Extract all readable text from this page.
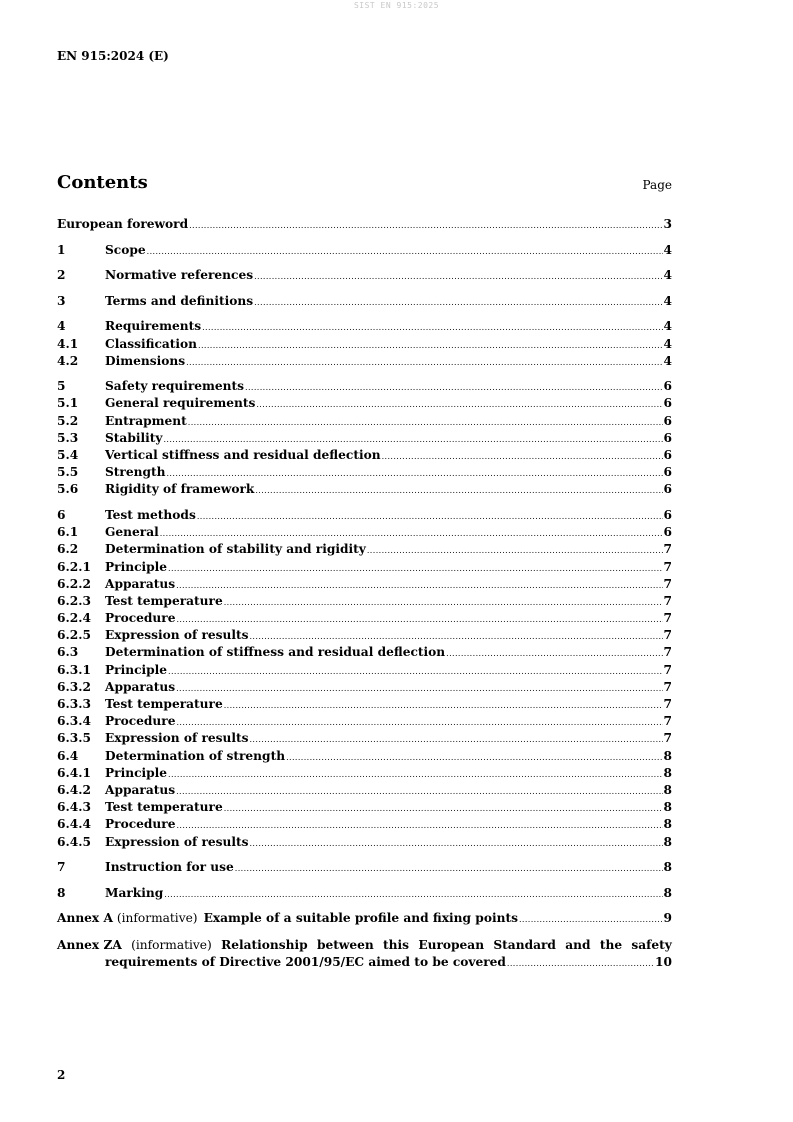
SIST EN 915:2025
EN 915:2024 (E)
Contents	Page
European foreword .....	3
1	Scope .....	4
2	Normative references .....	4
3	Terms and definitions .....	4
4	Requirements .....	4
4.1	Classification .....	4
4.2	Dimensions .....	4
5	Safety requirements .....	6
5.1	General requirements .....	6
5.2	Entrapment .....	6
5.3	Stability .....	6
5.4	Vertical stiffness and residual deflection .....	6
5.5	Strength .....	6
5.6	Rigidity of framework .....	6
6	Test methods .....	6
6.1	General .....	6
6.2	Determination of stability and rigidity .....	7
6.2.1	Principle .....	7
6.2.2	Apparatus .....	7
6.2.3	Test temperature .....	7
6.2.4	Procedure .....	7
6.2.5	Expression of results .....	7
6.3	Determination of stiffness and residual deflection .....	7
6.3.1	Principle .....	7
6.3.2	Apparatus .....	7
6.3.3	Test temperature .....	7
6.3.4	Procedure .....	7
6.3.5	Expression of results .....	7
6.4	Determination of strength .....	8
6.4.1	Principle .....	8
6.4.2	Apparatus .....	8
6.4.3	Test temperature .....	8
6.4.4	Procedure .....	8
6.4.5	Expression of results .....	8
7	Instruction for use .....	8
8	Marking .....	8
Annex A (informative) Example of a suitable profile and fixing points .....	9
Annex ZA (informative) Relationship between this European Standard and the safety
requirements of Directive 2001/95/EC aimed to be covered .....	10
2
